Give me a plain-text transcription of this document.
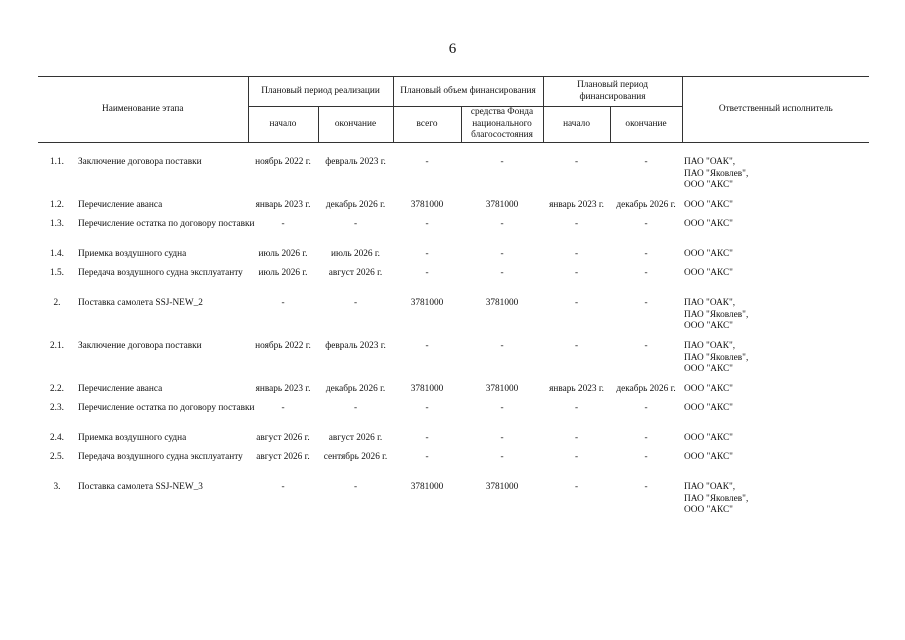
6
Наименование этапа		Плановый период реализации		Плановый объем финансирования		Плановый период финансирования		Ответственный исполнитель
		начало	окончание	всего	средства Фонда национального благосостояния	начало	окончание	

1.1.	Заключение договора поставки	ноябрь 2022 г.	февраль 2023 г.	-	-	-	-	ПАО "ОАК",
ПАО "Яковлев",
ООО "АКС"

1.2.	Перечисление аванса	январь 2023 г.	декабрь 2026 г.	3781000	3781000	январь 2023 г.	декабрь 2026 г.	ООО "АКС"

1.3.	Перечисление остатка по договору поставки	-	-	-	-	-	-	ООО "АКС"

1.4.	Приемка воздушного судна	июль 2026 г.	июль 2026 г.	-	-	-	-	ООО "АКС"

1.5.	Передача воздушного судна эксплуатанту	июль 2026 г.	август 2026 г.	-	-	-	-	ООО "АКС"

2.	Поставка самолета SSJ-NEW_2	-	-	3781000	3781000	-	-	ПАО "ОАК",
ПАО "Яковлев",
ООО "АКС"

2.1.	Заключение договора поставки	ноябрь 2022 г.	февраль 2023 г.	-	-	-	-	ПАО "ОАК",
ПАО "Яковлев",
ООО "АКС"

2.2.	Перечисление аванса	январь 2023 г.	декабрь 2026 г.	3781000	3781000	январь 2023 г.	декабрь 2026 г.	ООО "АКС"

2.3.	Перечисление остатка по договору поставки	-	-	-	-	-	-	ООО "АКС"

2.4.	Приемка воздушного судна	август 2026 г.	август 2026 г.	-	-	-	-	ООО "АКС"

2.5.	Передача воздушного судна эксплуатанту	август 2026 г.	сентябрь 2026 г.	-	-	-	-	ООО "АКС"

3.	Поставка самолета SSJ-NEW_3	-	-	3781000	3781000	-	-	ПАО "ОАК",
ПАО "Яковлев",
ООО "АКС"
